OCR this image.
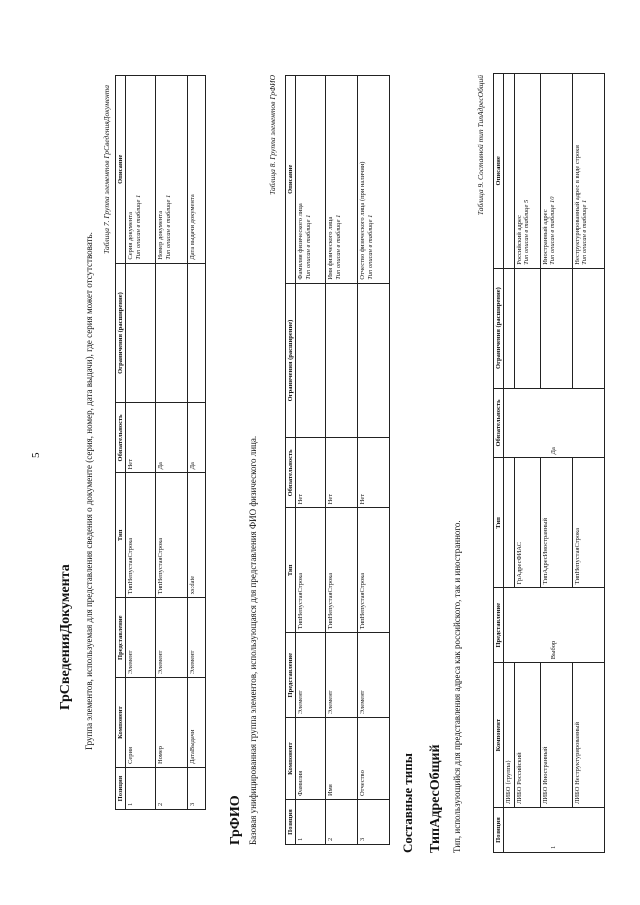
5
ГрСведенияДокумента Группа элементов, используемая для представления сведения о документе (серия, номер, дата выдачи), где серия может отсутствовать.
Таблица 7. Группа элементов ГрСведенияДокумента
Позиция	Компонент	Представление	Тип	Обязательность	Ограничения (расширение)	Описание
1	Серия	Элемент	ТипНепустаяСтрока	Нет		Серия документа Тип описан в таблице 1

2	Номер	Элемент	ТипНепустаяСтрока	Да		Номер документа Тип описан в таблице 1

3	ДатаВыдачи	Элемент	xs:date	Да		Дата выдачи документа
ГрФИО Базовая унифицированная группа элементов, использующаяся для представления ФИО физического лица.
Таблица 8. Группа элементов ГрФИО
Позиция	Компонент	Представление	Тип	Обязательность	Ограничения (расширение)	Описание
1	Фамилия	Элемент	ТипНепустаяСтрока	Нет		Фамилия физического лица Тип описан в таблице 1

2	Имя	Элемент	ТипНепустаяСтрока	Нет		Имя физического лица Тип описан в таблице 1

3	Отчество	Элемент	ТипНепустаяСтрока	Нет		Отчество физического лица (при наличии) Тип описан в таблице 1
Составные типы ТипАдресОбщий Тип, использующийся для представления адреса как российского, так и иностранного.
Таблица 9. Составной тип ТипАдресОбщий
Позиция	Компонент	Представление	Тип	Обязательность	Ограничения (расширение)	Описание
1	ЛИБО {группа}	Выбор		Да		
	ЛИБО Российский		ГрАдресФИАС			Российский адрес Тип описан в таблице 5

	ЛИБО Иностранный		ТипАдресИностранный			Иностранный адрес Тип описан в таблице 10

	ЛИБО Неструктурированный		ТипНепустаяСтрока			Неструктурированный адрес в виде строки Тип описан в таблице 1
